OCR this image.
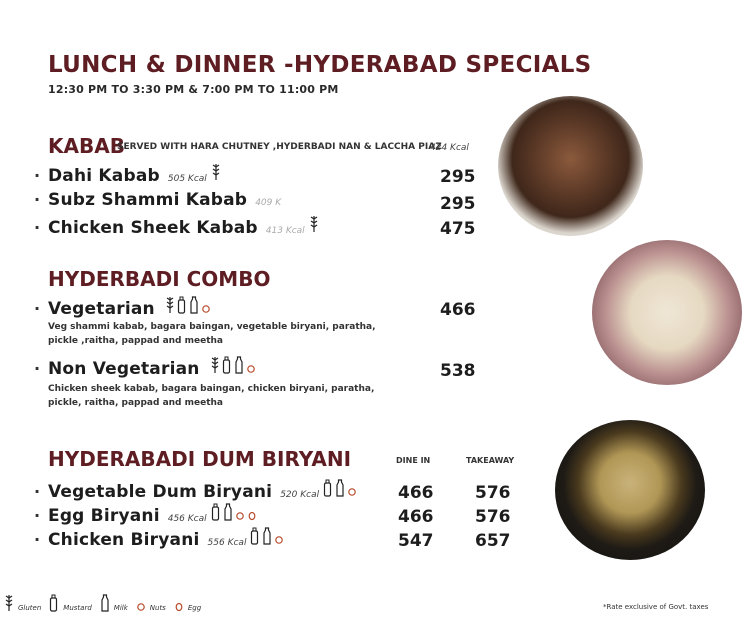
LUNCH & DINNER -HYDERABAD SPECIALS
12:30 PM TO 3:30 PM & 7:00 PM TO 11:00 PM
KABAB
SERVED WITH HARA CHUTNEY ,HYDERBADI NAN & LACCHA PIAZ
424 Kcal
· Dahi Kabab 505 Kcal	295
· Subz Shammi Kabab 409 K	295
· Chicken Sheek Kabab 413 Kcal	475
HYDERBADI COMBO
· Vegetarian	466
Veg shammi kabab, bagara baingan, vegetable biryani, paratha, pickle ,raitha, pappad and meetha
· Non Vegetarian	538
Chicken sheek kabab, bagara baingan, chicken biryani, paratha, pickle, raitha, pappad and meetha
HYDERABADI DUM BIRYANI	DINE IN	TAKEAWAY
· Vegetable Dum Biryani 520 Kcal	466 576
· Egg Biryani 456 Kcal	466 576
· Chicken Biryani 556 Kcal	547 657
Gluten	Mustard	Milk	Nuts	Egg	*Rate exclusive of Govt. taxes
